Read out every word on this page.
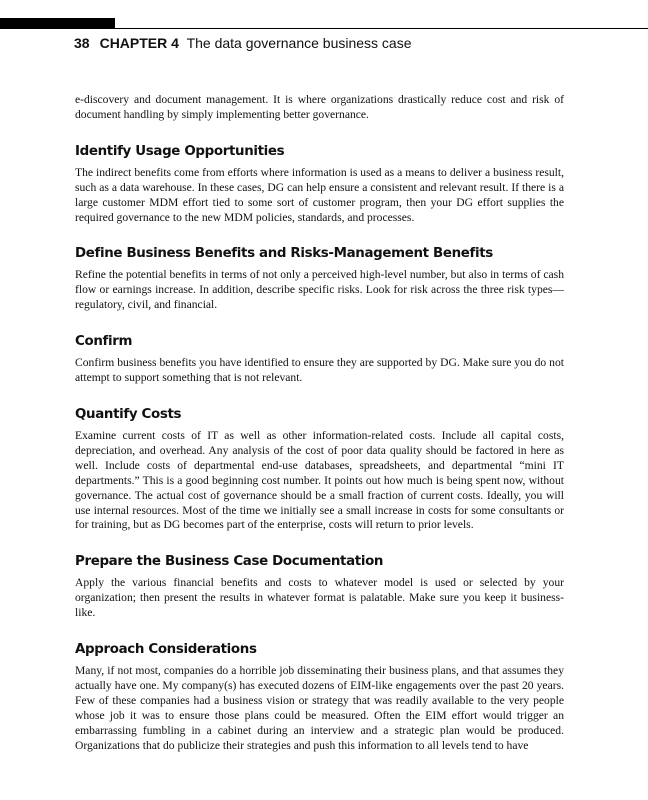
38 CHAPTER 4 The data governance business case

e-discovery and document management. It is where organizations drastically reduce cost and risk of document handling by simply implementing better governance.

Identify Usage Opportunities

The indirect benefits come from efforts where information is used as a means to deliver a business result, such as a data warehouse. In these cases, DG can help ensure a consistent and relevant result. If there is a large customer MDM effort tied to some sort of customer program, then your DG effort supplies the required governance to the new MDM policies, standards, and processes.

Define Business Benefits and Risks-Management Benefits

Refine the potential benefits in terms of not only a perceived high-level number, but also in terms of cash flow or earnings increase. In addition, describe specific risks. Look for risk across the three risk types—regulatory, civil, and financial.

Confirm

Confirm business benefits you have identified to ensure they are supported by DG. Make sure you do not attempt to support something that is not relevant.

Quantify Costs

Examine current costs of IT as well as other information-related costs. Include all capital costs, depreciation, and overhead. Any analysis of the cost of poor data quality should be factored in here as well. Include costs of departmental end-use databases, spreadsheets, and departmental “mini IT departments.” This is a good beginning cost number. It points out how much is being spent now, without governance. The actual cost of governance should be a small fraction of current costs. Ideally, you will use internal resources. Most of the time we initially see a small increase in costs for some consultants or for training, but as DG becomes part of the enterprise, costs will return to prior levels.

Prepare the Business Case Documentation

Apply the various financial benefits and costs to whatever model is used or selected by your organization; then present the results in whatever format is palatable. Make sure you keep it business-like.

Approach Considerations

Many, if not most, companies do a horrible job disseminating their business plans, and that assumes they actually have one. My company(s) has executed dozens of EIM-like engagements over the past 20 years. Few of these companies had a business vision or strategy that was readily available to the very people whose job it was to ensure those plans could be measured. Often the EIM effort would trigger an embarrassing fumbling in a cabinet during an interview and a strategic plan would be produced. Organizations that do publicize their strategies and push this information to all levels tend to have
